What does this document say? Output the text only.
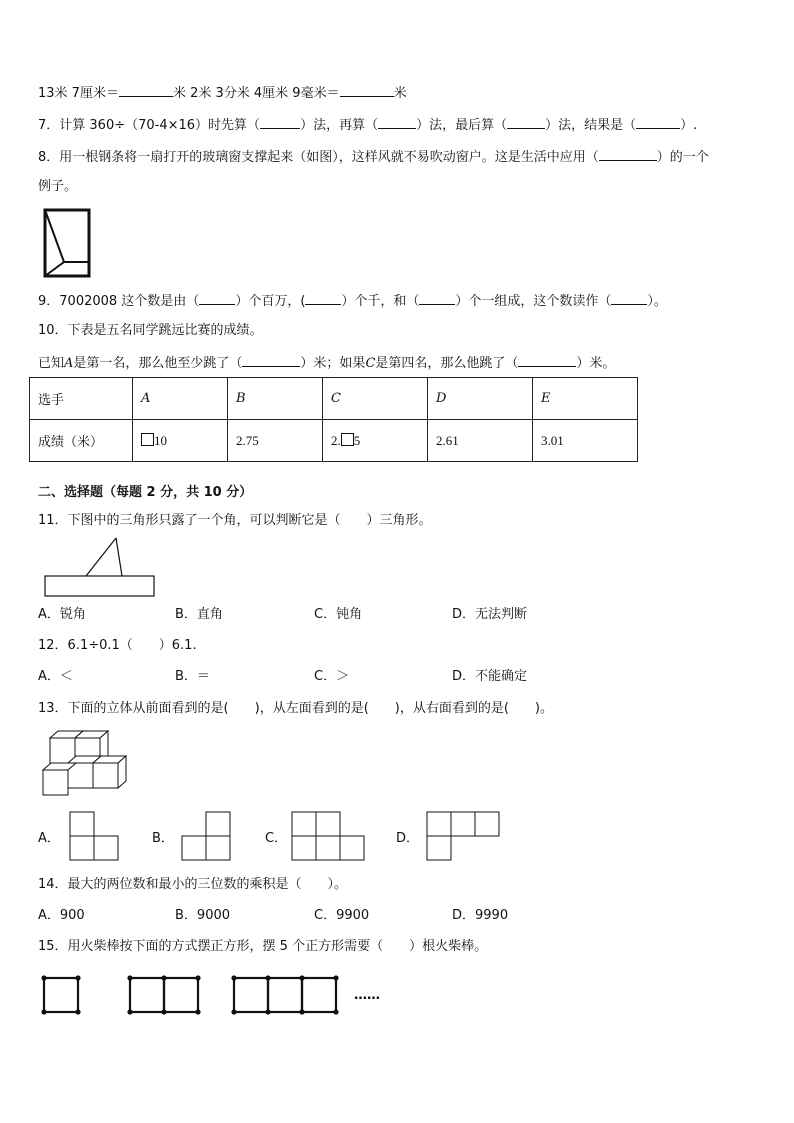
13米 7厘米＝	米 2米 3分米 4厘米 9毫米＝	米
7．计算 360÷（70-4×16）时先算（	）法，再算（	）法，最后算（	）法，结果是（	）.
8．用一根钢条将一扇打开的玻璃窗支撑起来（如图），这样风就不易吹动窗户。这是生活中应用（	）的一个
例子。
9．7002008 这个数是由（	）个百万，(	）个千，和（	）个一组成，这个数读作（	）。
10．下表是五名同学跳远比赛的成绩。
已知A是第一名，那么他至少跳了（	）米；如果C是第四名，那么他跳了（	）米。
选手	A	B	C	D	E
成绩（米）	10	2.75	2. 5	2.61	3.01
二、选择题（每题 2 分，共 10 分）
11．下图中的三角形只露了一个角，可以判断它是（　　）三角形。
A．锐角	B．直角	C．钝角	D．无法判断
12．6.1÷0.1（　　）6.1.
A．＜	B．＝	C．＞	D．不能确定
13．下面的立体从前面看到的是(　　)，从左面看到的是(　　)，从右面看到的是(　　)。
A．	B．	C．	D．
14．最大的两位数和最小的三位数的乘积是（　　）。
A．900	B．9000	C．9900	D．9990
15．用火柴棒按下面的方式摆正方形，摆 5 个正方形需要（　　）根火柴棒。
……
